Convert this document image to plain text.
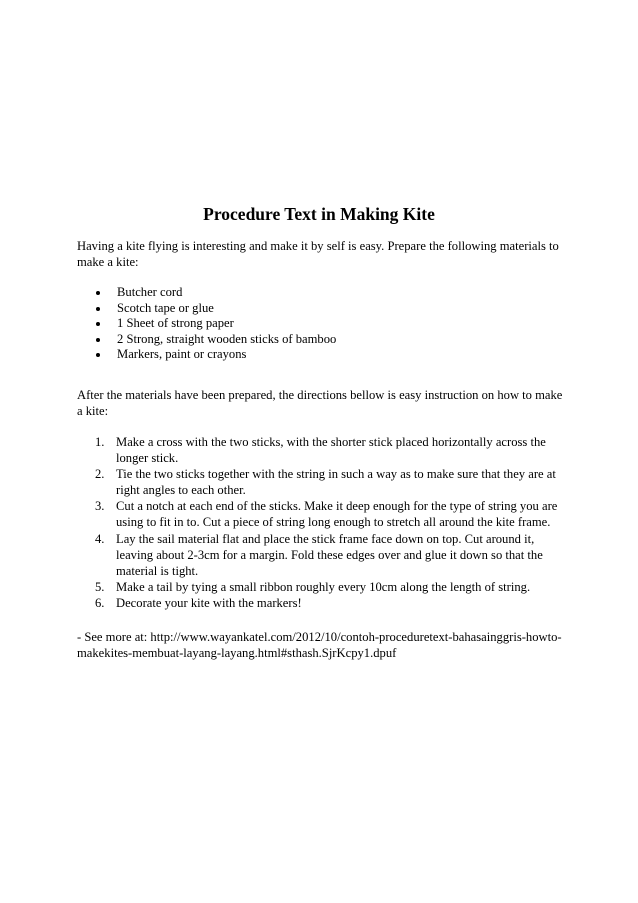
Procedure Text in Making Kite

Having a kite flying is interesting and make it by self is easy. Prepare the following materials to make a kite:

Butcher cord
Scotch tape or glue
1 Sheet of strong paper
2 Strong, straight wooden sticks of bamboo
Markers, paint or crayons

After the materials have been prepared, the directions bellow is easy instruction on how to make a kite:

1. Make a cross with the two sticks, with the shorter stick placed horizontally across the longer stick.
2. Tie the two sticks together with the string in such a way as to make sure that they are at right angles to each other.
3. Cut a notch at each end of the sticks. Make it deep enough for the type of string you are using to fit in to. Cut a piece of string long enough to stretch all around the kite frame.
4. Lay the sail material flat and place the stick frame face down on top. Cut around it, leaving about 2-3cm for a margin. Fold these edges over and glue it down so that the material is tight.
5. Make a tail by tying a small ribbon roughly every 10cm along the length of string.
6. Decorate your kite with the markers!

- See more at: http://www.wayankatel.com/2012/10/contoh-proceduretext-bahasainggris-howto-makekites-membuat-layang-layang.html#sthash.SjrKcpy1.dpuf
